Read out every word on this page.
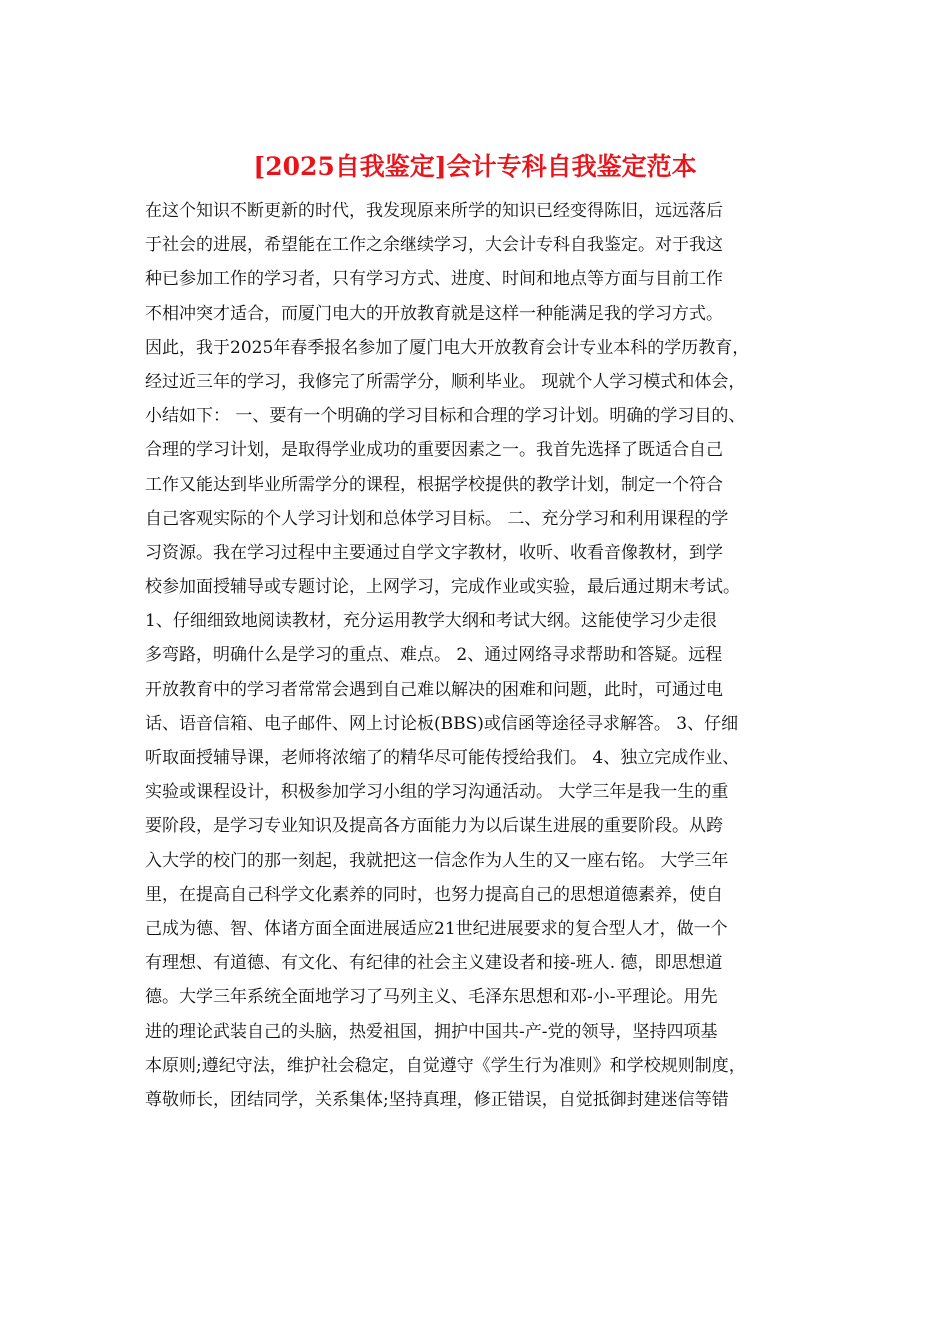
[2025自我鉴定]会计专科自我鉴定范本
在这个知识不断更新的时代，我发现原来所学的知识已经变得陈旧，远远落后
于社会的进展，希望能在工作之余继续学习，大会计专科自我鉴定。对于我这
种已参加工作的学习者，只有学习方式、进度、时间和地点等方面与目前工作
不相冲突才适合，而厦门电大的开放教育就是这样一种能满足我的学习方式。
因此，我于2025年春季报名参加了厦门电大开放教育会计专业本科的学历教育，
经过近三年的学习，我修完了所需学分，顺利毕业。 现就个人学习模式和体会，
小结如下： 一、要有一个明确的学习目标和合理的学习计划。明确的学习目的、
合理的学习计划，是取得学业成功的重要因素之一。我首先选择了既适合自己
工作又能达到毕业所需学分的课程，根据学校提供的教学计划，制定一个符合
自己客观实际的个人学习计划和总体学习目标。 二、充分学习和利用课程的学
习资源。我在学习过程中主要通过自学文字教材，收听、收看音像教材，到学
校参加面授辅导或专题讨论，上网学习，完成作业或实验，最后通过期末考试。
1、仔细细致地阅读教材，充分运用教学大纲和考试大纲。这能使学习少走很
多弯路，明确什么是学习的重点、难点。 2、通过网络寻求帮助和答疑。远程
开放教育中的学习者常常会遇到自己难以解决的困难和问题，此时，可通过电
话、语音信箱、电子邮件、网上讨论板(BBS)或信函等途径寻求解答。 3、仔细
听取面授辅导课，老师将浓缩了的精华尽可能传授给我们。 4、独立完成作业、
实验或课程设计，积极参加学习小组的学习沟通活动。 大学三年是我一生的重
要阶段，是学习专业知识及提高各方面能力为以后谋生进展的重要阶段。从跨
入大学的校门的那一刻起，我就把这一信念作为人生的又一座右铭。 大学三年
里，在提高自己科学文化素养的同时，也努力提高自己的思想道德素养，使自
己成为德、智、体诸方面全面进展适应21世纪进展要求的复合型人才，做一个
有理想、有道德、有文化、有纪律的社会主义建设者和接-班人. 德，即思想道
德。大学三年系统全面地学习了马列主义、毛泽东思想和邓-小-平理论。用先
进的理论武装自己的头脑，热爱祖国，拥护中国共-产-党的领导，坚持四项基
本原则;遵纪守法，维护社会稳定，自觉遵守《学生行为准则》和学校规则制度，
尊敬师长，团结同学，关系集体;坚持真理，修正错误，自觉抵御封建迷信等错
